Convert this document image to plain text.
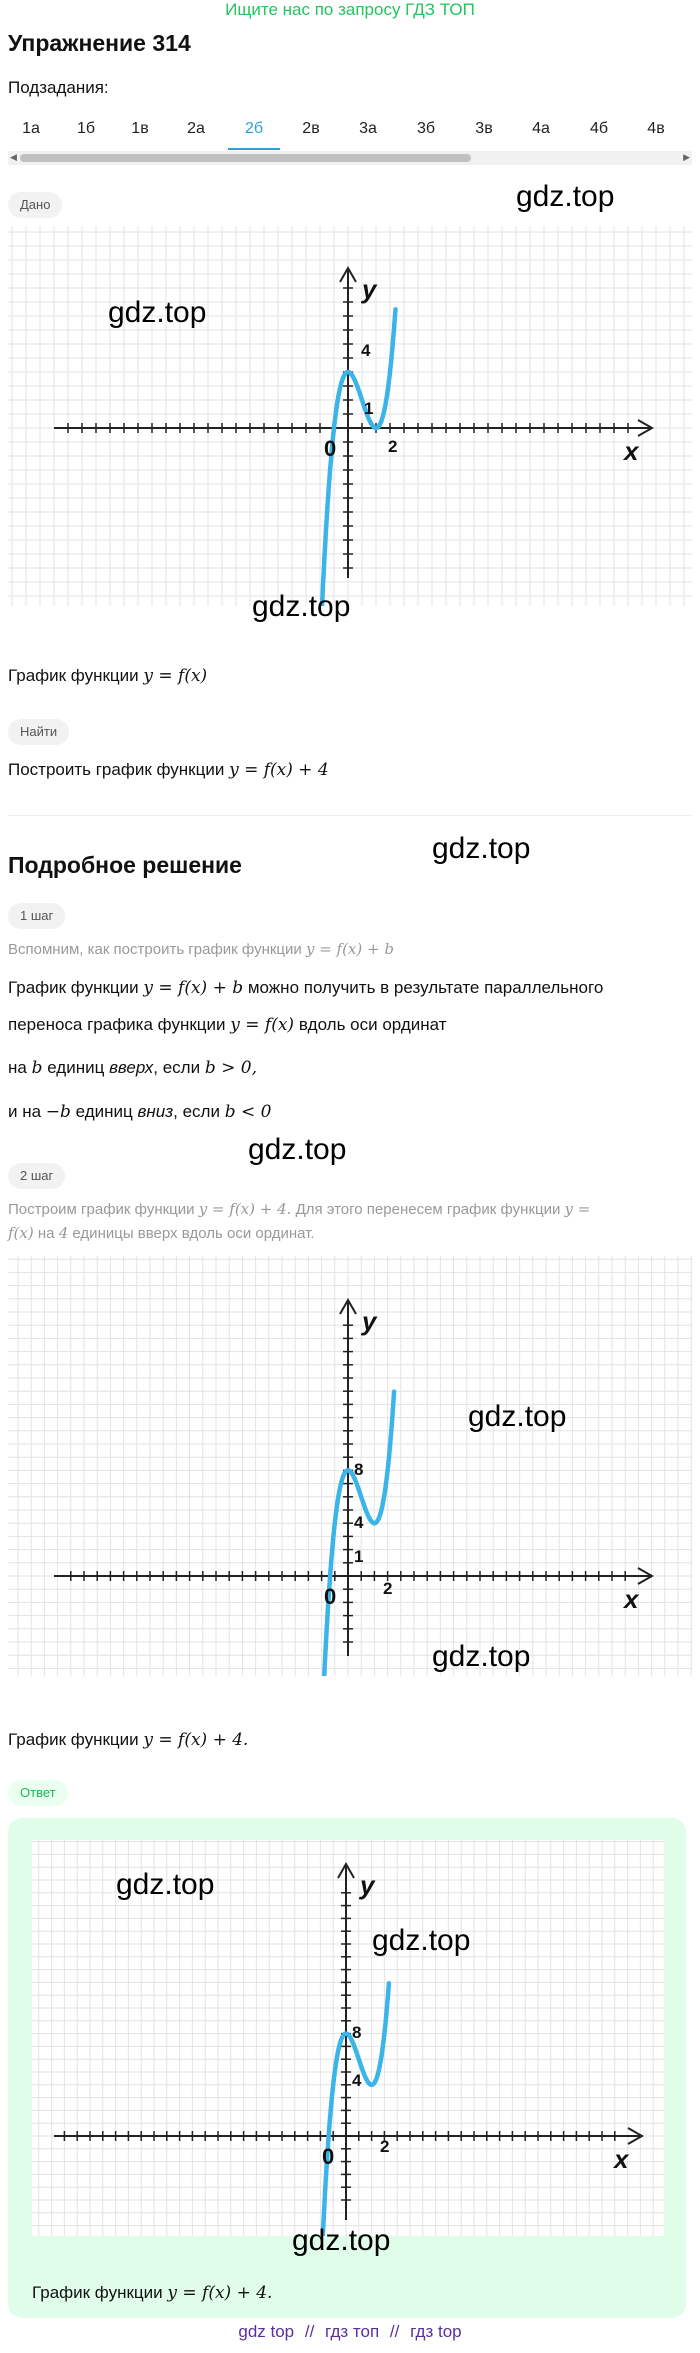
Ищите нас по запросу ГДЗ ТОП
Упражнение 314
Подзадания:
1а 1б 1в 2а	2б 2в 3а	3б	3в 4а	4б 4в
◀	▶
Дано
x
y
0
4
1
2
График функции y = f(x)
Найти
Построить график функции y = f(x) + 4
Подробное решение
1 шаг
Вспомним, как построить график функции y = f(x) + b
График функции y = f(x) + b можно получить в результате параллельного
переноса графика функции y = f(x) вдоль оси ординат
на b единиц вверх, если b > 0,
и на −b единиц вниз, если b < 0
2 шаг
Построим график функции y = f(x) + 4. Для этого перенесем график функции y =
f(x) на 4 единицы вверх вдоль оси ординат.
x
y
0
8
4
1
2
График функции y = f(x) + 4.
Ответ
x
y
0
8
4
2
График функции y = f(x) + 4.
gdz.top
gdz.top
gdz.top
gdz.top
gdz.top
gdz.top
gdz.top
gdz.top
gdz.top
gdz.top
gdz top // гдз топ // гдз top
